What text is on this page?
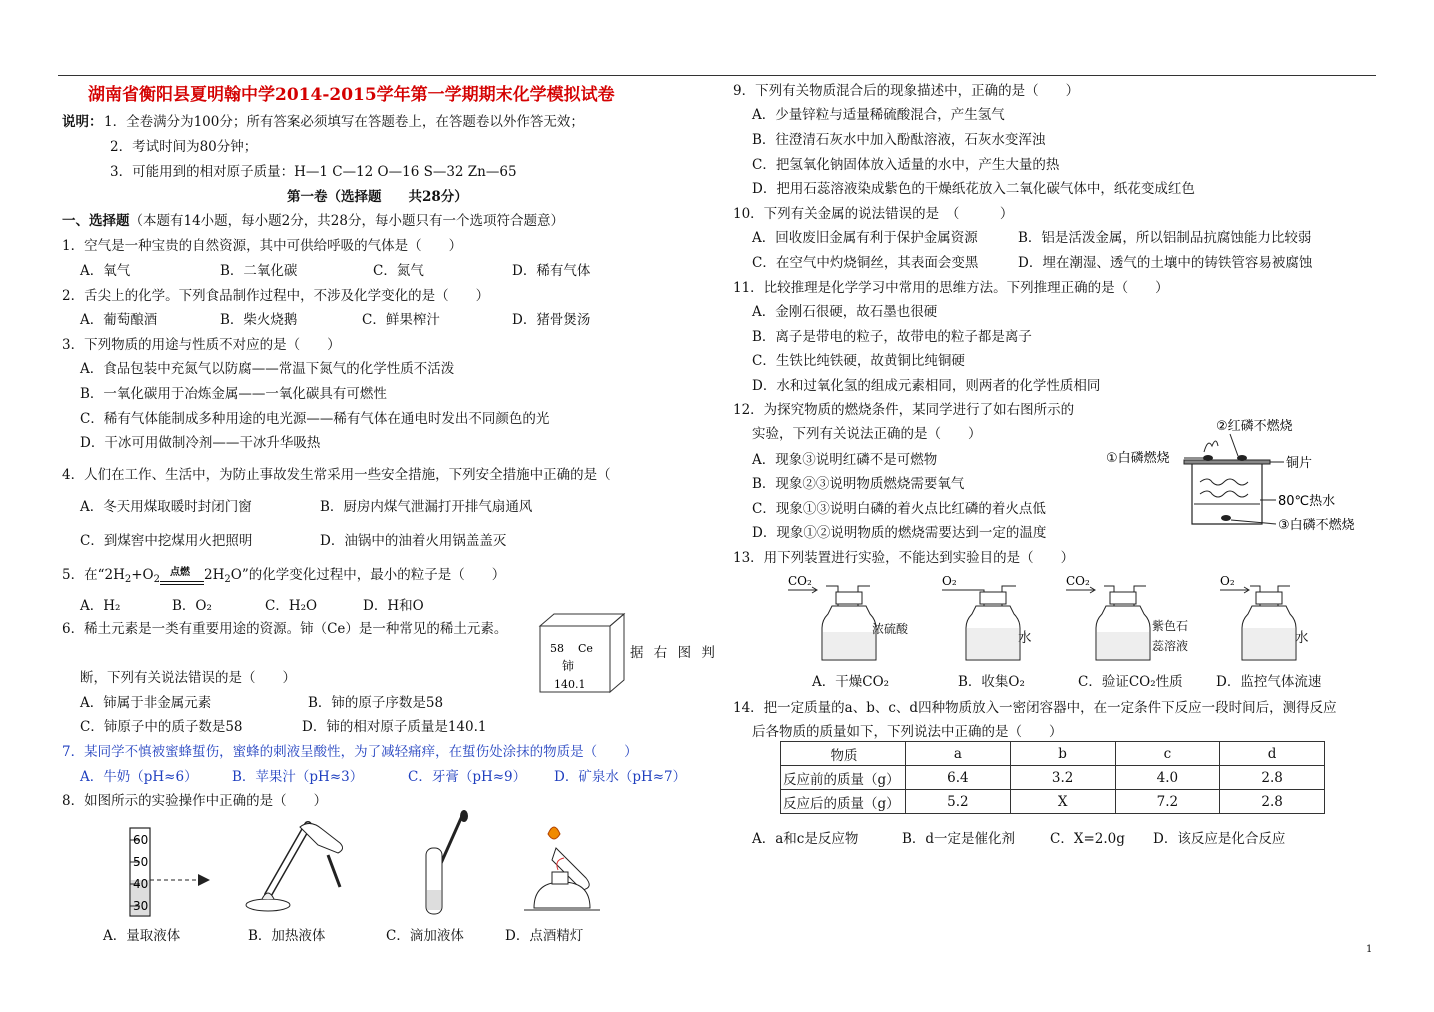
湖南省衡阳县夏明翰中学2014-2015学年第一学期期末化学模拟试卷
说明： 1．全卷满分为100分；所有答案必须填写在答题卷上，在答题卷以外作答无效；
2．考试时间为80分钟；
3．可能用到的相对原子质量：H—1 C—12 O—16 S—32 Zn—65
第一卷（选择题　　共28分）
一、选择题（本题有14小题，每小题2分，共28分，每小题只有一个选项符合题意）
1．空气是一种宝贵的自然资源，其中可供给呼吸的气体是（　　）
A．氧气	B．二氧化碳	C．氮气	D．稀有气体
2．舌尖上的化学。下列食品制作过程中，不涉及化学变化的是（　　）
A．葡萄酿酒	B．柴火烧鹅	C．鲜果榨汁	D．猪骨煲汤
3．下列物质的用途与性质不对应的是（　　）
A．食品包装中充氮气以防腐——常温下氮气的化学性质不活泼
B．一氧化碳用于冶炼金属——一氧化碳具有可燃性
C．稀有气体能制成多种用途的电光源——稀有气体在通电时发出不同颜色的光
D．干冰可用做制冷剂——干冰升华吸热
4．人们在工作、生活中，为防止事故发生常采用一些安全措施，下列安全措施中正确的是（
A．冬天用煤取暖时封闭门窗	B．厨房内煤气泄漏打开排气扇通风
C．到煤窖中挖煤用火把照明	D．油锅中的油着火用锅盖盖灭
5．在“$2H_2+O_2$
点燃 $2H_2O$”的化学变化过程中，最小的粒子是（　　）
A．H₂	B．O₂	C．H₂O	D．H和O
6．稀土元素是一类有重要用途的资源。铈（Ce）是一种常见的稀土元素。
58 Ce
铈
140.1
据 右 图 判
断，下列有关说法错误的是（　　）
A．铈属于非金属元素	B．铈的原子序数是58
C．铈原子中的质子数是58	D．铈的相对原子质量是140.1
7．某同学不慎被蜜蜂蜇伤，蜜蜂的刺液呈酸性，为了减轻痛痒，在蜇伤处涂抹的物质是（　　）
A．牛奶（pH≈6）	B．苹果汁（pH≈3）	C．牙膏（pH≈9） D．矿泉水（pH≈7）
8．如图所示的实验操作中正确的是（　　）
60
50
40
30
A．量取液体	B．加热液体	C．滴加液体	D．点酒精灯
9．下列有关物质混合后的现象描述中，正确的是（　　）
A．少量锌粒与适量稀硫酸混合，产生氢气
B．往澄清石灰水中加入酚酞溶液，石灰水变浑浊
C．把氢氧化钠固体放入适量的水中，产生大量的热
D．把用石蕊溶液染成紫色的干燥纸花放入二氧化碳气体中，纸花变成红色
10．下列有关金属的说法错误的是　（　　　）
A．回收废旧金属有利于保护金属资源	B．铝是活泼金属，所以铝制品抗腐蚀能力比较弱
C．在空气中灼烧铜丝，其表面会变黑	D．埋在潮湿、透气的土壤中的铸铁管容易被腐蚀
11．比较推理是化学学习中常用的思维方法。下列推理正确的是（　　）
A．金刚石很硬，故石墨也很硬
B．离子是带电的粒子，故带电的粒子都是离子
C．生铁比纯铁硬，故黄铜比纯铜硬
D．水和过氧化氢的组成元素相同，则两者的化学性质相同
12．为探究物质的燃烧条件，某同学进行了如右图所示的
实验，下列有关说法正确的是（　　）
A．现象③说明红磷不是可燃物
B．现象②③说明物质燃烧需要氧气
C．现象①③说明白磷的着火点比红磷的着火点低
D．现象①②说明物质的燃烧需要达到一定的温度
②红磷不燃烧
①白磷燃烧	铜片
80℃热水
③白磷不燃烧
13．用下列装置进行实验，不能达到实验目的是（　　）
CO₂
浓硫酸
O₂
水
CO₂
紫色石蕊溶液
O₂
水
A．干燥CO₂	B．收集O₂	C．验证CO₂性质 D．监控气体流速
14．把一定质量的a、b、c、d四种物质放入一密闭容器中，在一定条件下反应一段时间后，测得反应
后各物质的质量如下，下列说法中正确的是（　　）
物质	a	b	c	d
反应前的质量（g）	6.4	3.2	4.0	2.8
反应后的质量（g）	5.2	X	7.2	2.8
A．a和c是反应物	B．d一定是催化剂	C．X=2.0g D．该反应是化合反应
1
